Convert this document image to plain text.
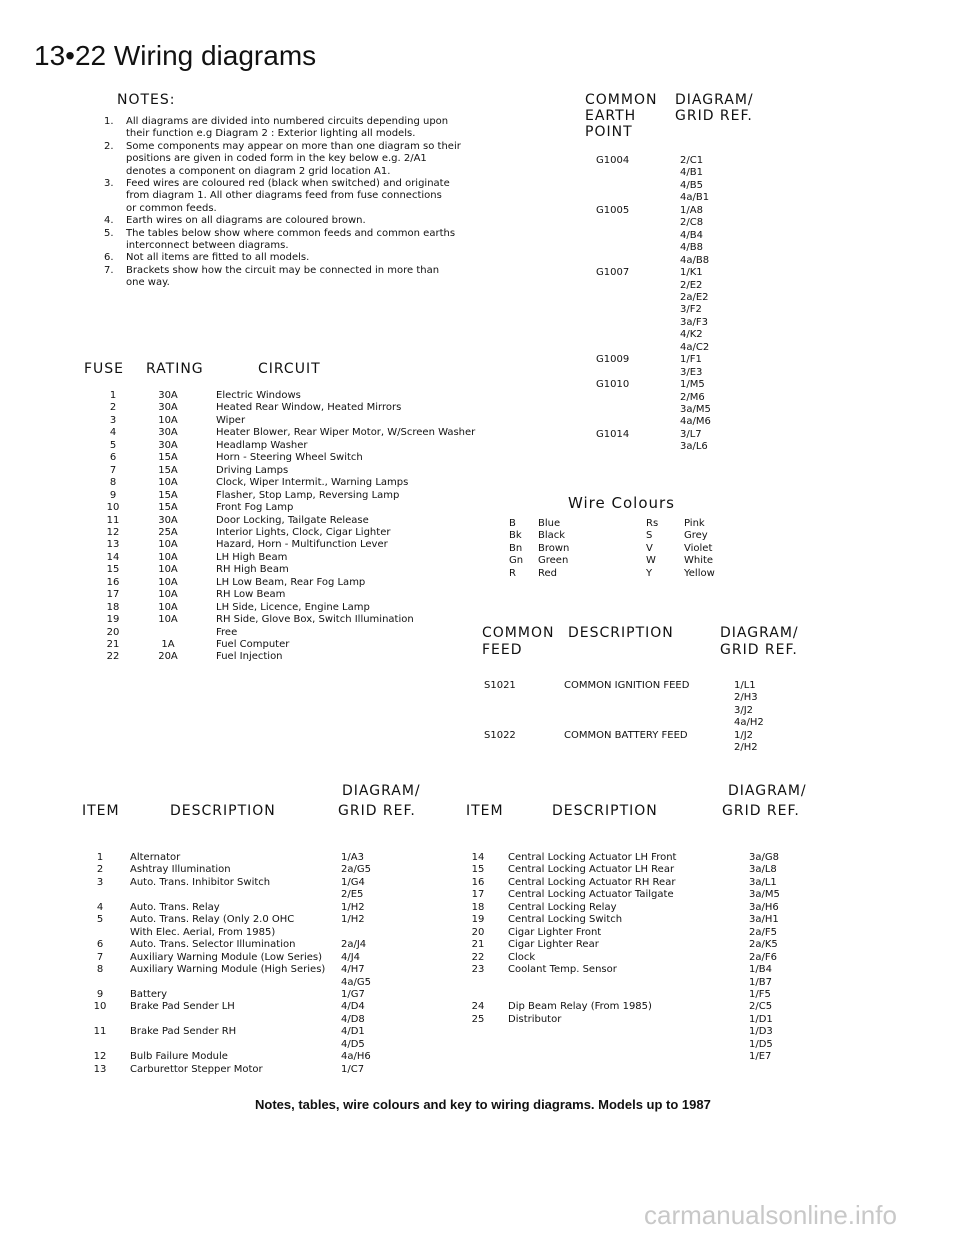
13•22 Wiring diagrams
NOTES:
1. All diagrams are divided into numbered circuits depending upon
their function e.g Diagram 2 : Exterior lighting all models.
2. Some components may appear on more than one diagram so their
positions are given in coded form in the key below e.g. 2/A1
denotes a component on diagram 2 grid location A1.
3. Feed wires are coloured red (black when switched) and originate
from diagram 1. All other diagrams feed from fuse connections
or common feeds.
4. Earth wires on all diagrams are coloured brown.
5. The tables below show where common feeds and common earths
interconnect between diagrams.
6. Not all items are fitted to all models.
7. Brackets show how the circuit may be connected in more than
one way.
COMMON
EARTH
POINT
DIAGRAM/
GRID REF.
G1004	2/C1
4/B1
4/B5
4a/B1
G1005	1/A8
2/C8
4/B4
4/B8
4a/B8
G1007	1/K1
2/E2
2a/E2
3/F2
3a/F3
4/K2
4a/C2
G1009	1/F1
3/E3
G1010	1/M5
2/M6
3a/M5
4a/M6
G1014	3/L7
3a/L6
FUSE RATING	CIRCUIT
1	30A	Electric Windows
2	30A	Heated Rear Window, Heated Mirrors
3	10A	Wiper
4	30A	Heater Blower, Rear Wiper Motor, W/Screen Washer
5	30A	Headlamp Washer
6	15A	Horn - Steering Wheel Switch
7	15A	Driving Lamps
8	10A	Clock, Wiper Intermit., Warning Lamps
9	15A	Flasher, Stop Lamp, Reversing Lamp
10	15A	Front Fog Lamp
11	30A	Door Locking, Tailgate Release
12	25A	Interior Lights, Clock, Cigar Lighter
13	10A	Hazard, Horn - Multifunction Lever
14	10A	LH High Beam
15	10A	RH High Beam
16	10A	LH Low Beam, Rear Fog Lamp
17	10A	RH Low Beam
18	10A	LH Side, Licence, Engine Lamp
19	10A	RH Side, Glove Box, Switch Illumination
20	Free
21	1A	Fuel Computer
22	20A	Fuel Injection
Wire Colours
B Blue
Bk Black
Bn Brown
Gn Green
R Red
Rs	Pink
S	Grey
V	Violet
W	White
Y	Yellow
COMMON
FEED
DESCRIPTION	DIAGRAM/
GRID REF.
S1021	COMMON IGNITION FEED	1/L1
2/H3
3/J2
4a/H2
S1022	COMMON BATTERY FEED	1/J2
2/H2
DIAGRAM/
ITEM	DESCRIPTION	GRID REF.
DIAGRAM/
ITEM	DESCRIPTION	GRID REF.
1	Alternator	1/A3
2	Ashtray Illumination	2a/G5
3	Auto. Trans. Inhibitor Switch	1/G4
2/E5
4	Auto. Trans. Relay	1/H2
5	Auto. Trans. Relay (Only 2.0 OHC	1/H2
With Elec. Aerial, From 1985)
6	Auto. Trans. Selector Illumination	2a/J4
7	Auxiliary Warning Module (Low Series) 4/J4
8	Auxiliary Warning Module (High Series) 4/H7
4a/G5
9	Battery	1/G7
10 Brake Pad Sender LH	4/D4
4/D8
11 Brake Pad Sender RH	4/D1
4/D5
12 Bulb Failure Module	4a/H6
13 Carburettor Stepper Motor	1/C7
14 Central Locking Actuator LH Front	3a/G8
15 Central Locking Actuator LH Rear	3a/L8
16 Central Locking Actuator RH Rear	3a/L1
17 Central Locking Actuator Tailgate	3a/M5
18 Central Locking Relay	3a/H6
19 Central Locking Switch	3a/H1
20 Cigar Lighter Front	2a/F5
21 Cigar Lighter Rear	2a/K5
22 Clock	2a/F6
23 Coolant Temp. Sensor	1/B4
1/B7
1/F5
24 Dip Beam Relay (From 1985)	2/C5
25 Distributor	1/D1
1/D3
1/D5
1/E7
Notes, tables, wire colours and key to wiring diagrams. Models up to 1987
carmanualsonline.info
